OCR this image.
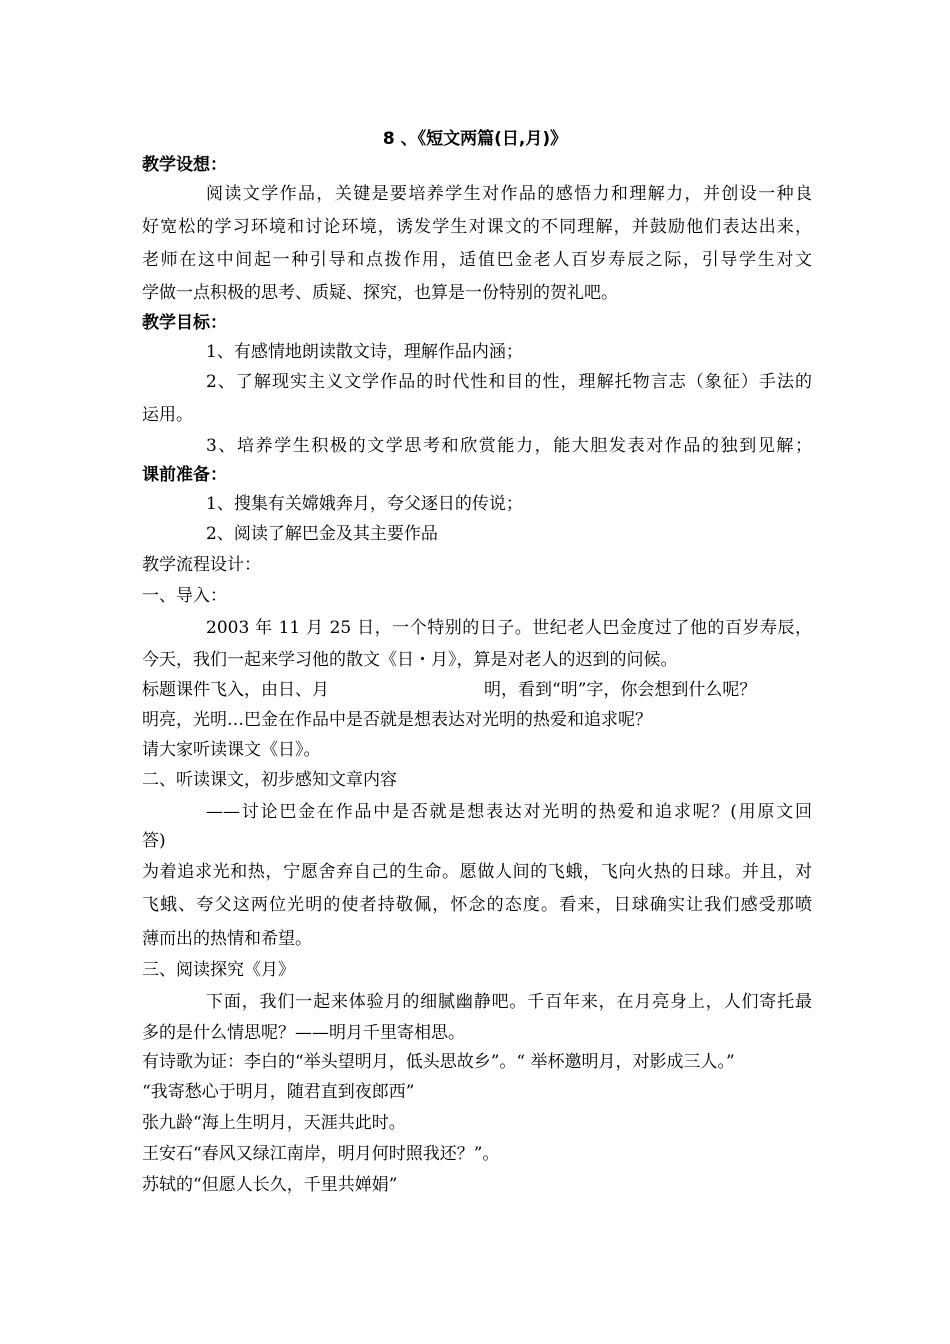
8 、《短文两篇(日,月)》
教学设想：
阅读文学作品，关键是要培养学生对作品的感悟力和理解力，并创设一种良
好宽松的学习环境和讨论环境，诱发学生对课文的不同理解，并鼓励他们表达出来，
老师在这中间起一种引导和点拨作用，适值巴金老人百岁寿辰之际，引导学生对文
学做一点积极的思考、质疑、探究，也算是一份特别的贺礼吧。
教学目标：
1、有感情地朗读散文诗，理解作品内涵；
2、了解现实主义文学作品的时代性和目的性，理解托物言志（象征）手法的
运用。
3、培养学生积极的文学思考和欣赏能力，能大胆发表对作品的独到见解；
课前准备：
1、搜集有关嫦娥奔月，夸父逐日的传说；
2、阅读了解巴金及其主要作品
教学流程设计：
一、导入：
2003 年 11 月 25 日，一个特别的日子。世纪老人巴金度过了他的百岁寿辰，
今天，我们一起来学习他的散文《日・月》，算是对老人的迟到的问候。
标题课件飞入，由日、月	明，看到“明”字，你会想到什么呢？
明亮，光明…巴金在作品中是否就是想表达对光明的热爱和追求呢？
请大家听读课文《日》。
二、听读课文，初步感知文章内容
——讨论巴金在作品中是否就是想表达对光明的热爱和追求呢？(用原文回
答)
为着追求光和热，宁愿舍弃自己的生命。愿做人间的飞蛾，飞向火热的日球。并且，对
飞蛾、夸父这两位光明的使者持敬佩，怀念的态度。看来，日球确实让我们感受那喷
薄而出的热情和希望。
三、阅读探究《月》
下面，我们一起来体验月的细腻幽静吧。千百年来，在月亮身上，人们寄托最
多的是什么情思呢？——明月千里寄相思。
有诗歌为证：李白的“举头望明月，低头思故乡”。“ 举杯邀明月，对影成三人。”
“我寄愁心于明月，随君直到夜郎西”
张九龄“海上生明月，天涯共此时。
王安石“春风又绿江南岸，明月何时照我还？”。
苏轼的“但愿人长久，千里共婵娟”
